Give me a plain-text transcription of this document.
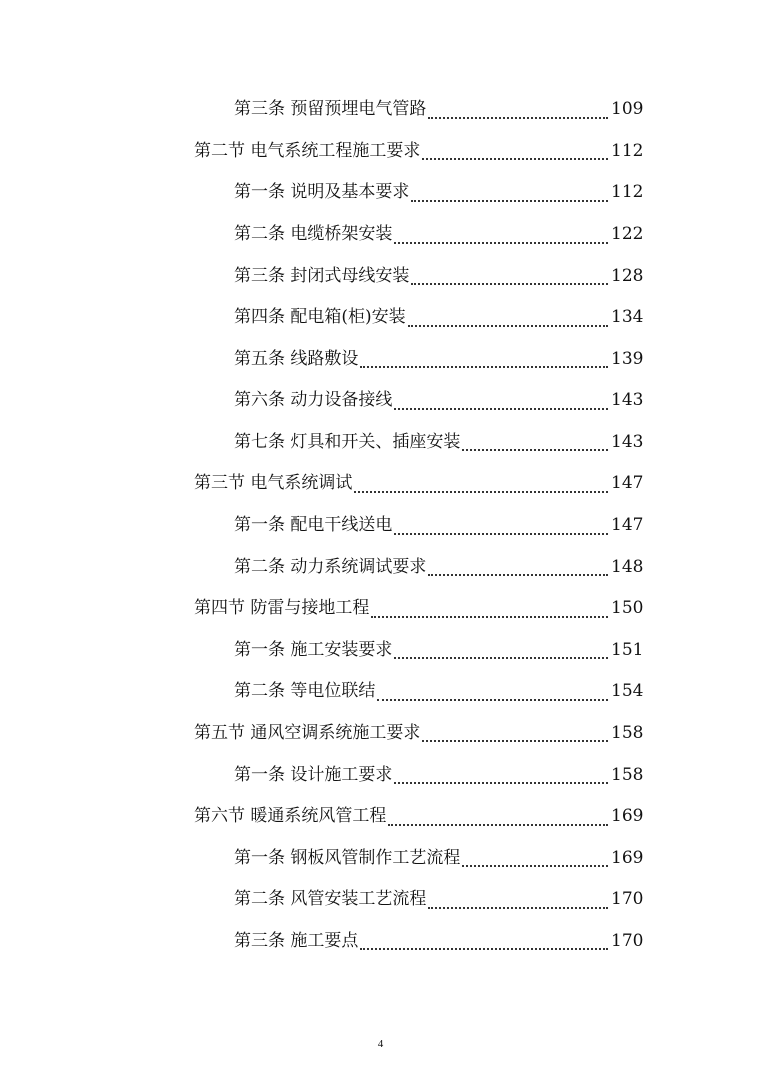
第三条 预留预埋电气管路	109
第二节 电气系统工程施工要求	112
第一条 说明及基本要求	112
第二条 电缆桥架安装	122
第三条 封闭式母线安装	128
第四条 配电箱(柜)安装	134
第五条 线路敷设	139
第六条 动力设备接线	143
第七条 灯具和开关、插座安装	143
第三节 电气系统调试	147
第一条 配电干线送电	147
第二条 动力系统调试要求	148
第四节 防雷与接地工程	150
第一条 施工安装要求	151
第二条 等电位联结	154
第五节 通风空调系统施工要求	158
第一条 设计施工要求	158
第六节 暖通系统风管工程	169
第一条 钢板风管制作工艺流程	169
第二条 风管安装工艺流程	170
第三条 施工要点	170
4
